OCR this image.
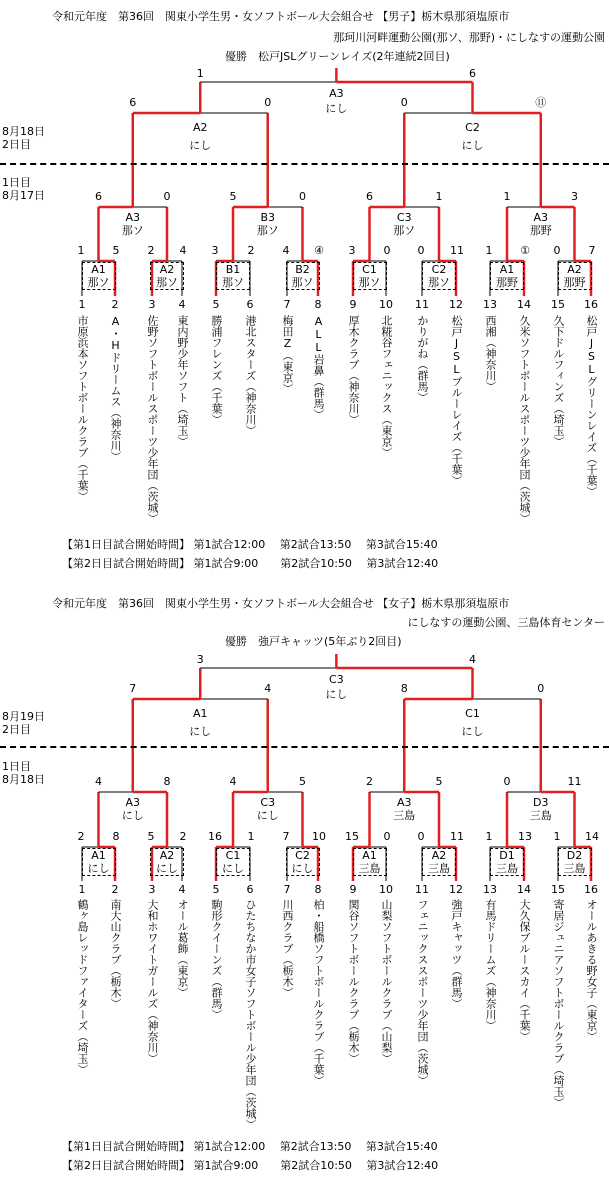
令和元年度　第36回　関東小学生男・女ソフトボール大会組合せ 【男子】栃木県那須塩原市
那珂川河畔運動公園(那ソ、那野)・にしなすの運動公園
優勝　松戸JSLグリーンレイズ(2年連続2回目)
8月18日
2日目
1日目
8月17日
1
市原浜本ソフトボールクラブ（千葉）
2
A・Hドリームス（神奈川）
3
佐野ソフトボールスポーツ少年団（茨城）
4
東内野少年ソフト（埼玉）
5
勝浦フレンズ（千葉）
6
港北スターズ（神奈川）
7
梅田Z（東京）
8
ALL岩鼻（群馬）
9
厚木クラブ（神奈川）
10
北糀谷フェニックス（東京）
11
かりがね（群馬）
12
松戸JSLブルーレイズ（千葉）
13
西湘（神奈川）
14
久米ソフトボールスポーツ少年団（茨城）
15
久下ドルフィンズ（埼玉）
16
松戸JSLグリーンレイズ（千葉）
A1
那ソ
1	5
A2
那ソ
2 4
B1
那ソ
3	2
B2
那ソ
4 ④
C1
那ソ
3	0
C2
那ソ
0 11
A1
那野
1	①
A2
那野
0	7
A3
那ソ
6	0
B3
那ソ
5	0
C3
那ソ
6	1
A3
那野
1	3
A2
にし
6	0
C2
にし
0	⑪
A3
にし
1	6
【第1日目試合開始時間】 第1試合12:00　 第2試合13:50　 第3試合15:40
【第2日目試合開始時間】 第1試合9:00　　第2試合10:50　 第3試合12:40
令和元年度　第36回　関東小学生男・女ソフトボール大会組合せ 【女子】栃木県那須塩原市
にしなすの運動公園、三島体育センター
優勝　強戸キャッツ(5年ぶり2回目)
8月19日
2日目
1日目
8月18日
1
鶴ヶ島レッドファイターズ（埼玉）
2
南大山クラブ（栃木）
3
大和ホワイトガールズ（神奈川）
4
オール葛飾（東京）
5
駒形クイーンズ（群馬）
6
ひたちなか市女子ソフトボール少年団（茨城）
7
川西クラブ（栃木）
8
柏・船橋ソフトボールクラブ（千葉）
9
関谷ソフトボールクラブ（栃木）
10
山梨ソフトボールクラブ（山梨）
11
フェニックススポーツ少年団（茨城）
12
強戸キャッツ（群馬）
13
有馬ドリームズ（神奈川）
14
大久保ブルースカイ（千葉）
15
寄居ジュニアソフトボールクラブ（埼玉）
16
オールあきる野女子（東京）
A1
にし
2	8
A2
にし
5 2
C1
にし
16 1
C2
にし
7 10
A1
三島
15 0
A2
三島
0 11
D1
三島
1 13
D2
三島
1 14
A3
にし
4	8
C3
にし
4	5
A3
三島
2	5
D3
三島
0	11
A1
にし
7	4
C1
にし
8	0
C3
にし
3	4
【第1日目試合開始時間】 第1試合12:00　 第2試合13:50　 第3試合15:40
【第2日目試合開始時間】 第1試合9:00　　第2試合10:50　 第3試合12:40
